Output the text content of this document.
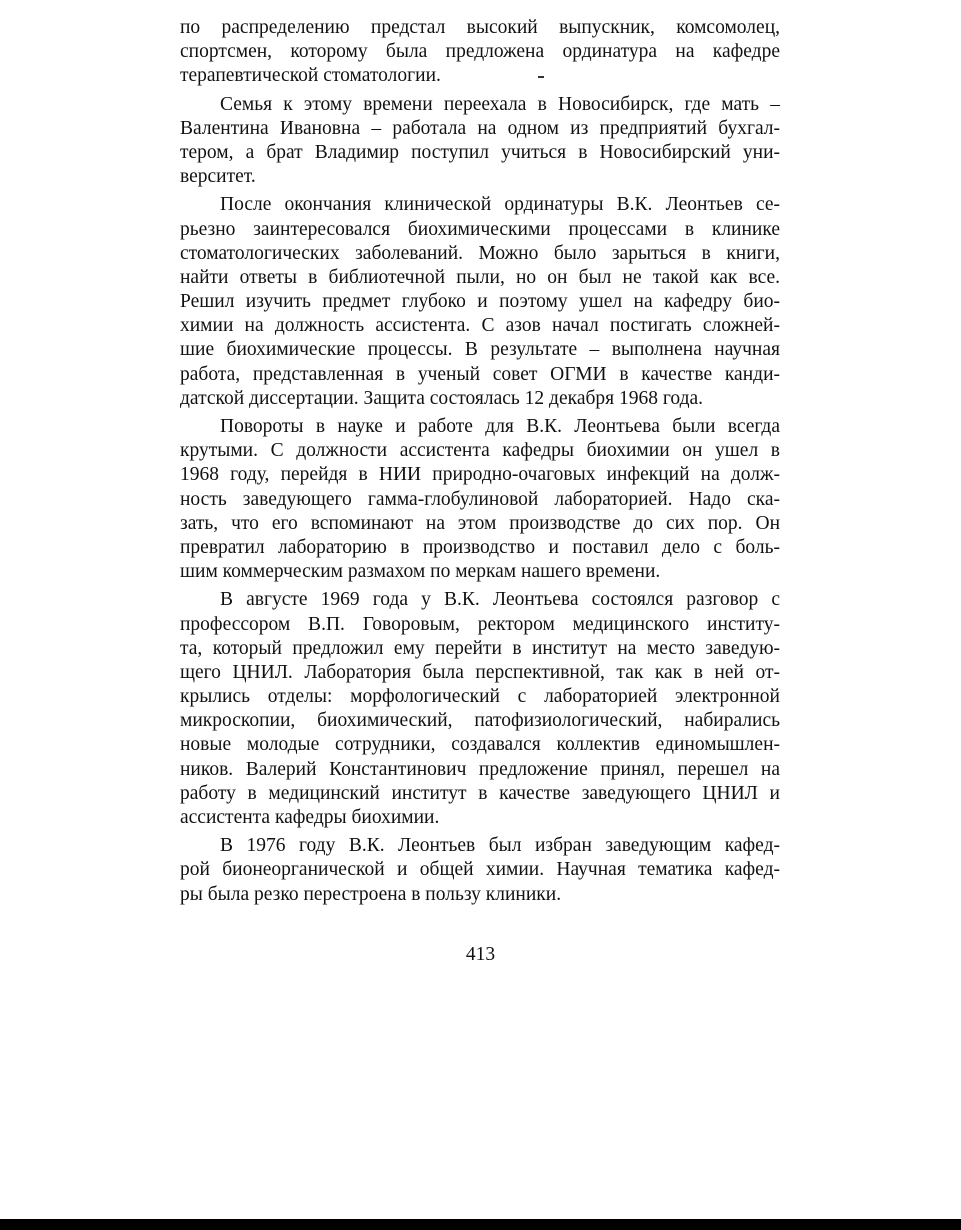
по распределению предстал высокий выпускник, комсомолец,
спортсмен, которому была предложена ординатура на кафедре
терапевтической стоматологии.
Семья к этому времени переехала в Новосибирск, где мать –
Валентина Ивановна – работала на одном из предприятий бухгал-
тером, а брат Владимир поступил учиться в Новосибирский уни-
верситет.
После окончания клинической ординатуры В.К. Леонтьев се-
рьезно заинтересовался биохимическими процессами в клинике
стоматологических заболеваний. Можно было зарыться в книги,
найти ответы в библиотечной пыли, но он был не такой как все.
Решил изучить предмет глубоко и поэтому ушел на кафедру био-
химии на должность ассистента. С азов начал постигать сложней-
шие биохимические процессы. В результате – выполнена научная
работа, представленная в ученый совет ОГМИ в качестве канди-
датской диссертации. Защита состоялась 12 декабря 1968 года.
Повороты в науке и работе для В.К. Леонтьева были всегда
крутыми. С должности ассистента кафедры биохимии он ушел в
1968 году, перейдя в НИИ природно-очаговых инфекций на долж-
ность заведующего гамма-глобулиновой лабораторией. Надо ска-
зать, что его вспоминают на этом производстве до сих пор. Он
превратил лабораторию в производство и поставил дело с боль-
шим коммерческим размахом по меркам нашего времени.
В августе 1969 года у В.К. Леонтьева состоялся разговор с
профессором В.П. Говоровым, ректором медицинского институ-
та, который предложил ему перейти в институт на место заведую-
щего ЦНИЛ. Лаборатория была перспективной, так как в ней от-
крылись отделы: морфологический с лабораторией электронной
микроскопии, биохимический, патофизиологический, набирались
новые молодые сотрудники, создавался коллектив единомышлен-
ников. Валерий Константинович предложение принял, перешел на
работу в медицинский институт в качестве заведующего ЦНИЛ и
ассистента кафедры биохимии.
В 1976 году В.К. Леонтьев был избран заведующим кафед-
рой бионеорганической и общей химии. Научная тематика кафед-
ры была резко перестроена в пользу клиники.
413
